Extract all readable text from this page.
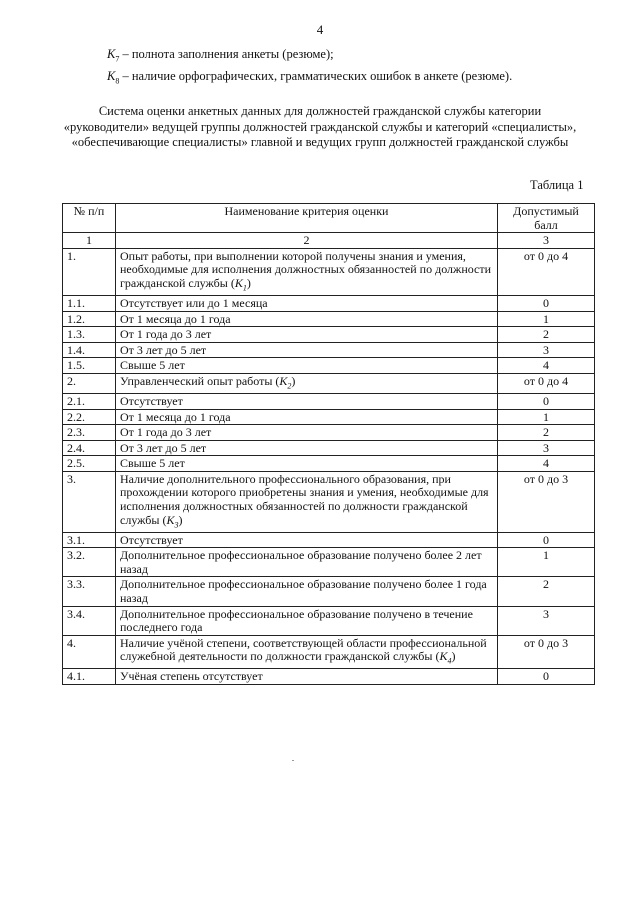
4
$K_7$ – полнота заполнения анкеты (резюме);
$K_8$ – наличие орфографических, грамматических ошибок в анкете (резюме).
Система оценки анкетных данных для должностей гражданской службы категории «руководители» ведущей группы должностей гражданской службы и категорий «специалисты», «обеспечивающие специалисты» главной и ведущих групп должностей гражданской службы
Таблица 1
№ п/п	Наименование критерия оценки	Допустимый балл
1	2	3
1.	Опыт работы, при выполнении которой получены знания и умения, необходимые для исполнения должностных обязанностей по должности гражданской службы $(K_1)$	от 0 до 4
1.1.	Отсутствует или до 1 месяца	0
1.2.	От 1 месяца до 1 года	1
1.3.	От 1 года до 3 лет	2
1.4.	От 3 лет до 5 лет	3
1.5.	Свыше 5 лет	4
2.	Управленческий опыт работы $(K_2)$	от 0 до 4
2.1.	Отсутствует	0
2.2.	От 1 месяца до 1 года	1
2.3.	От 1 года до 3 лет	2
2.4.	От 3 лет до 5 лет	3
2.5.	Свыше 5 лет	4
3.	Наличие дополнительного профессионального образования, при прохождении которого приобретены знания и умения, необходимые для исполнения должностных обязанностей по должности гражданской службы $(K_3)$	от 0 до 3
3.1.	Отсутствует	0
3.2.	Дополнительное профессиональное образование получено более 2 лет назад	1
3.3.	Дополнительное профессиональное образование получено более 1 года назад	2
3.4.	Дополнительное профессиональное образование получено в течение последнего года	3
4.	Наличие учёной степени, соответствующей области профессиональной служебной деятельности по должности гражданской службы $(K_4)$	от 0 до 3
4.1.	Учёная степень отсутствует	0
